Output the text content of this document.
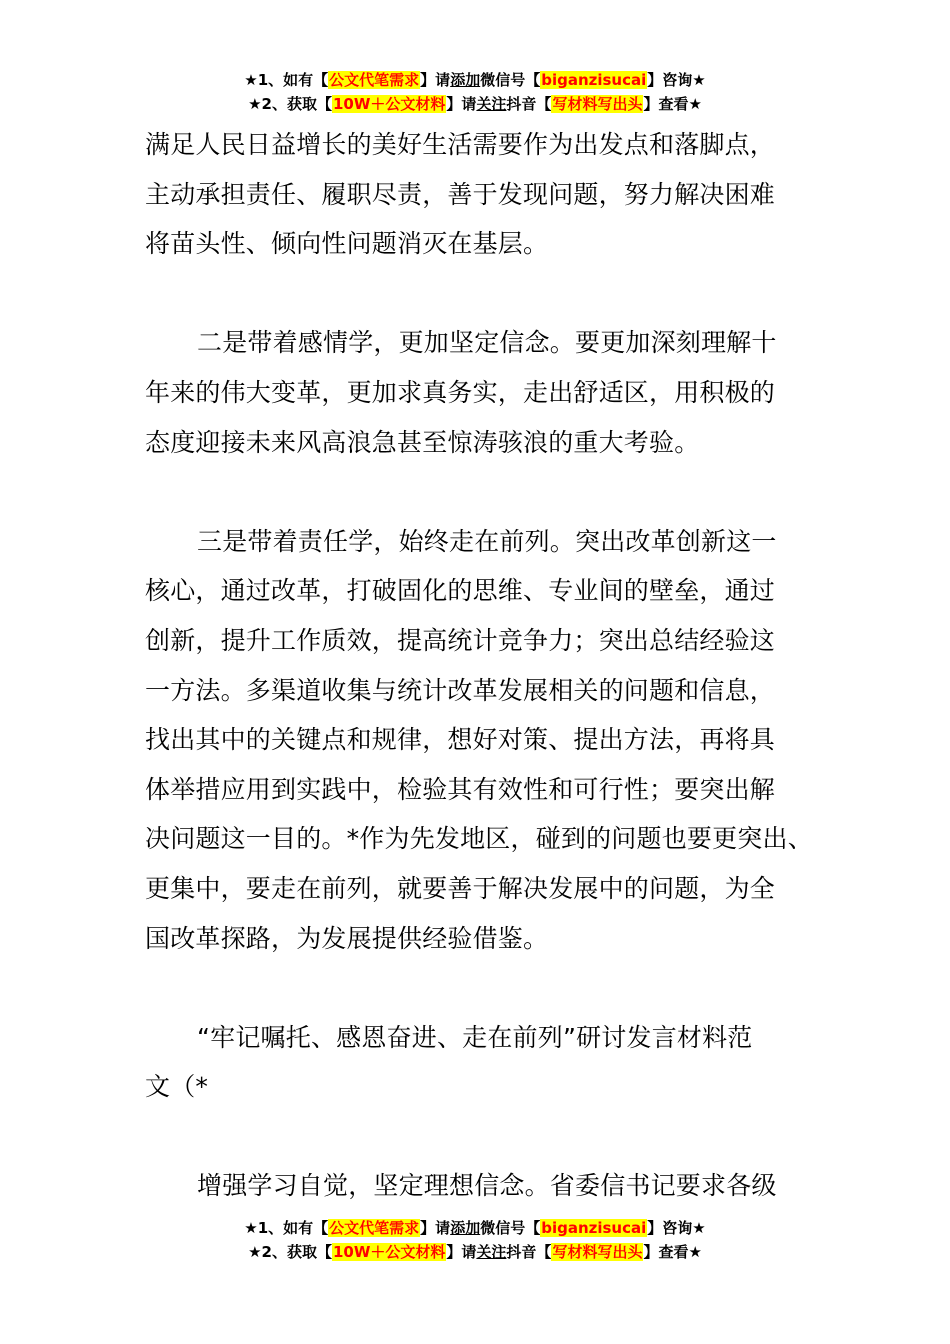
★1、如有【公文代笔需求】请添加微信号【biganzisucai】咨询★
★2、获取【10W＋公文材料】请关注抖音【写材料写出头】查看★

满足人民日益增长的美好生活需要作为出发点和落脚点，

主动承担责任、履职尽责，善于发现问题，努力解决困难

将苗头性、倾向性问题消灭在基层。

二是带着感情学，更加坚定信念。要更加深刻理解十

年来的伟大变革，更加求真务实，走出舒适区，用积极的

态度迎接未来风高浪急甚至惊涛骇浪的重大考验。

三是带着责任学，始终走在前列。突出改革创新这一

核心，通过改革，打破固化的思维、专业间的壁垒，通过

创新，提升工作质效，提高统计竞争力；突出总结经验这

一方法。多渠道收集与统计改革发展相关的问题和信息，

找出其中的关键点和规律，想好对策、提出方法，再将具

体举措应用到实践中，检验其有效性和可行性；要突出解

决问题这一目的。*作为先发地区，碰到的问题也要更突出、

更集中，要走在前列，就要善于解决发展中的问题，为全

国改革探路，为发展提供经验借鉴。

“牢记嘱托、感恩奋进、走在前列”研讨发言材料范

文（*

增强学习自觉，坚定理想信念。省委信书记要求各级

★1、如有【公文代笔需求】请添加微信号【biganzisucai】咨询★
★2、获取【10W＋公文材料】请关注抖音【写材料写出头】查看★
